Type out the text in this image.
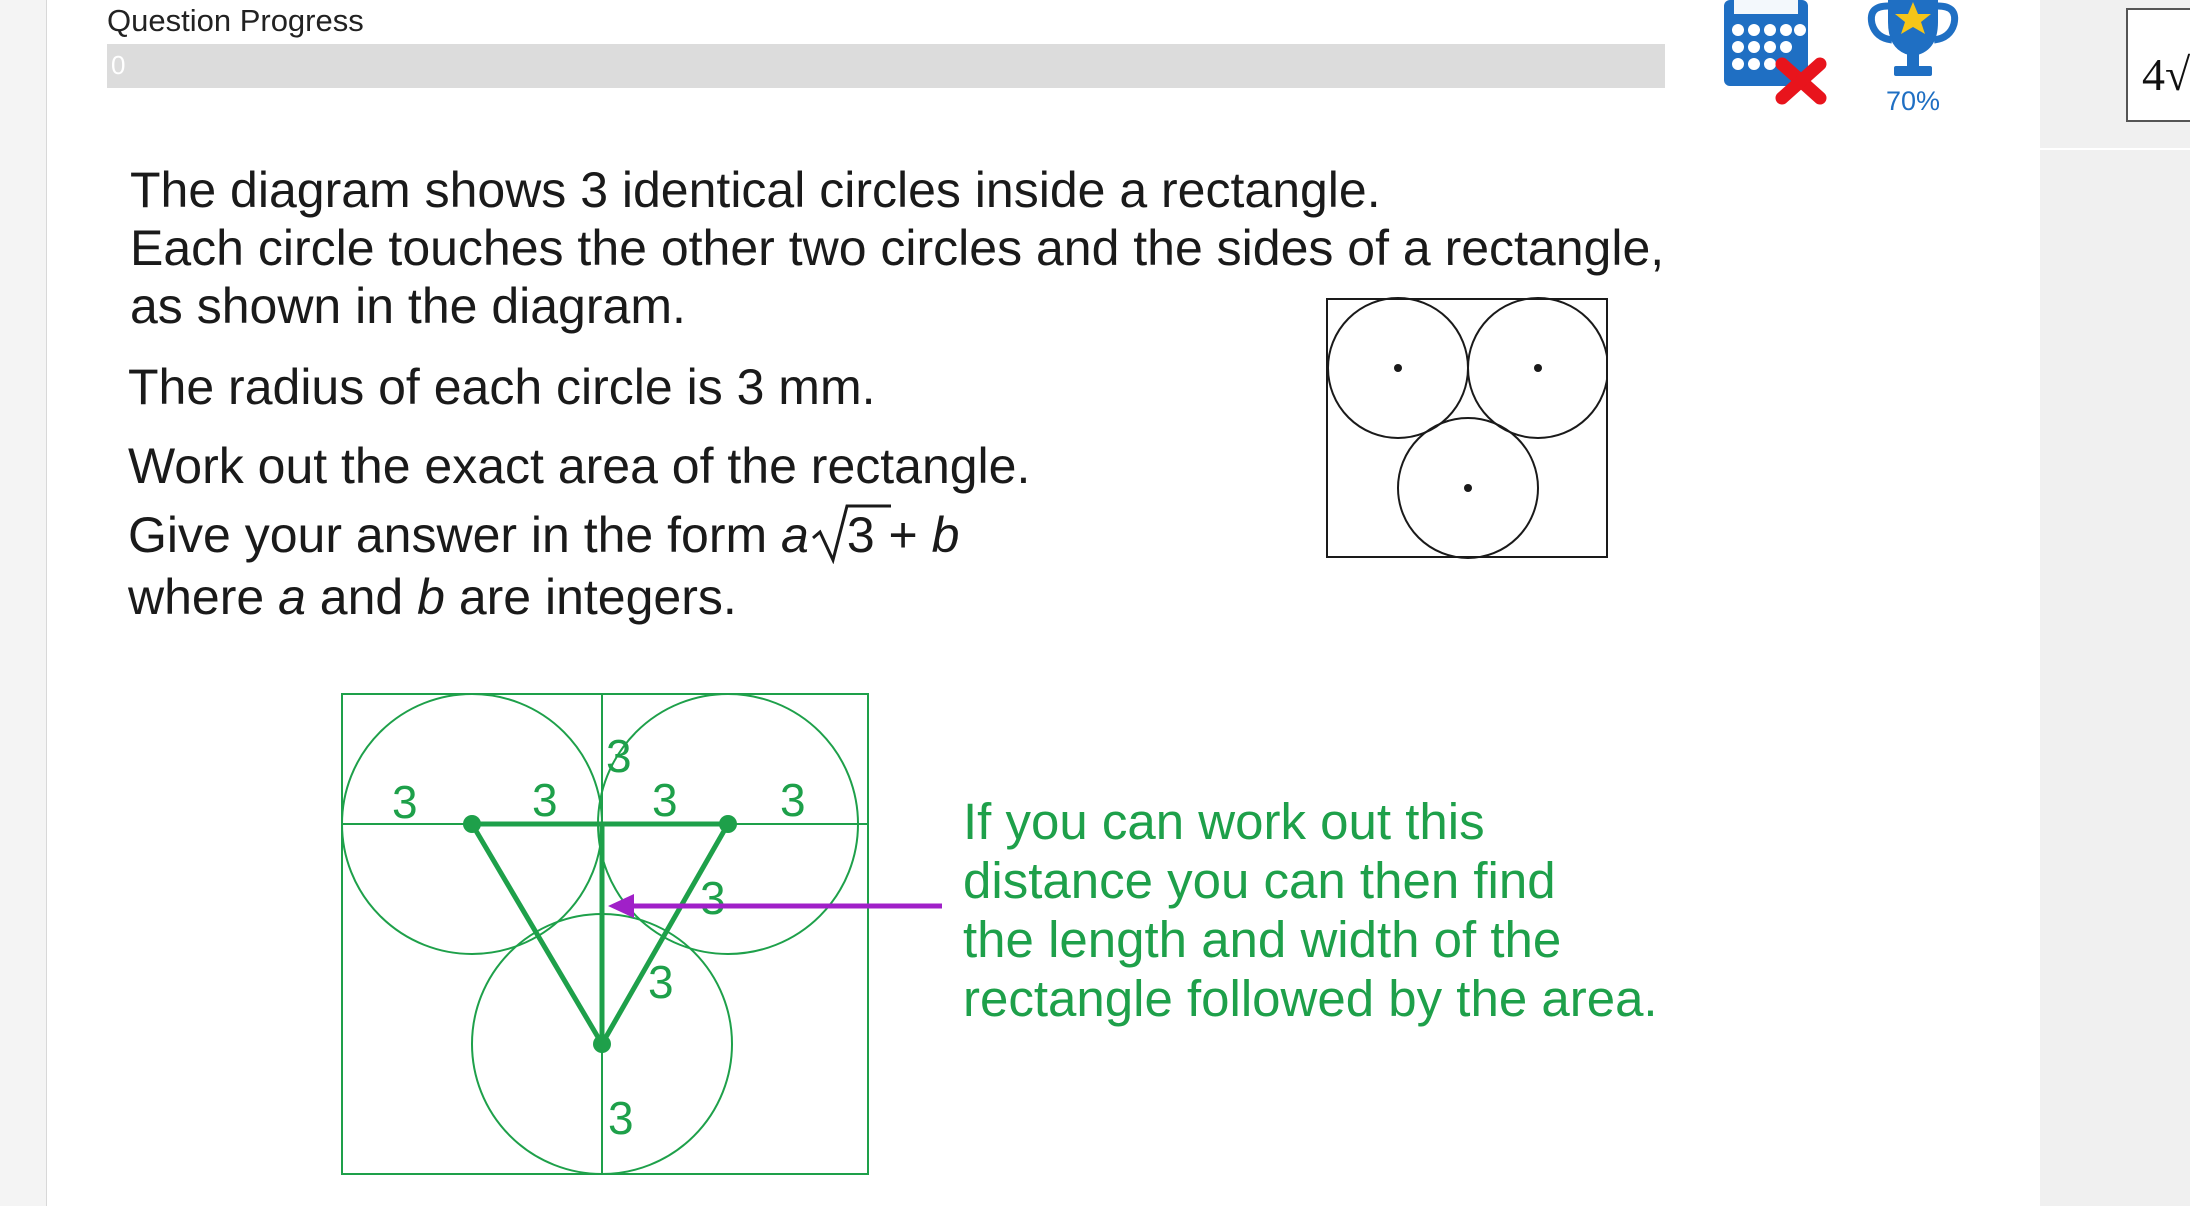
Question Progress
0
70%
4√
The diagram shows 3 identical circles inside a rectangle.
Each circle touches the other two circles and the sides of a rectangle,
as shown in the diagram.
The radius of each circle is 3 mm.
Work out the exact area of the rectangle.
Give your answer in the form a 3 + b
where a and b are integers.
3 3
3
3 3
3
3
3
If you can work out this
distance you can then find
the length and width of the
rectangle followed by the area.
